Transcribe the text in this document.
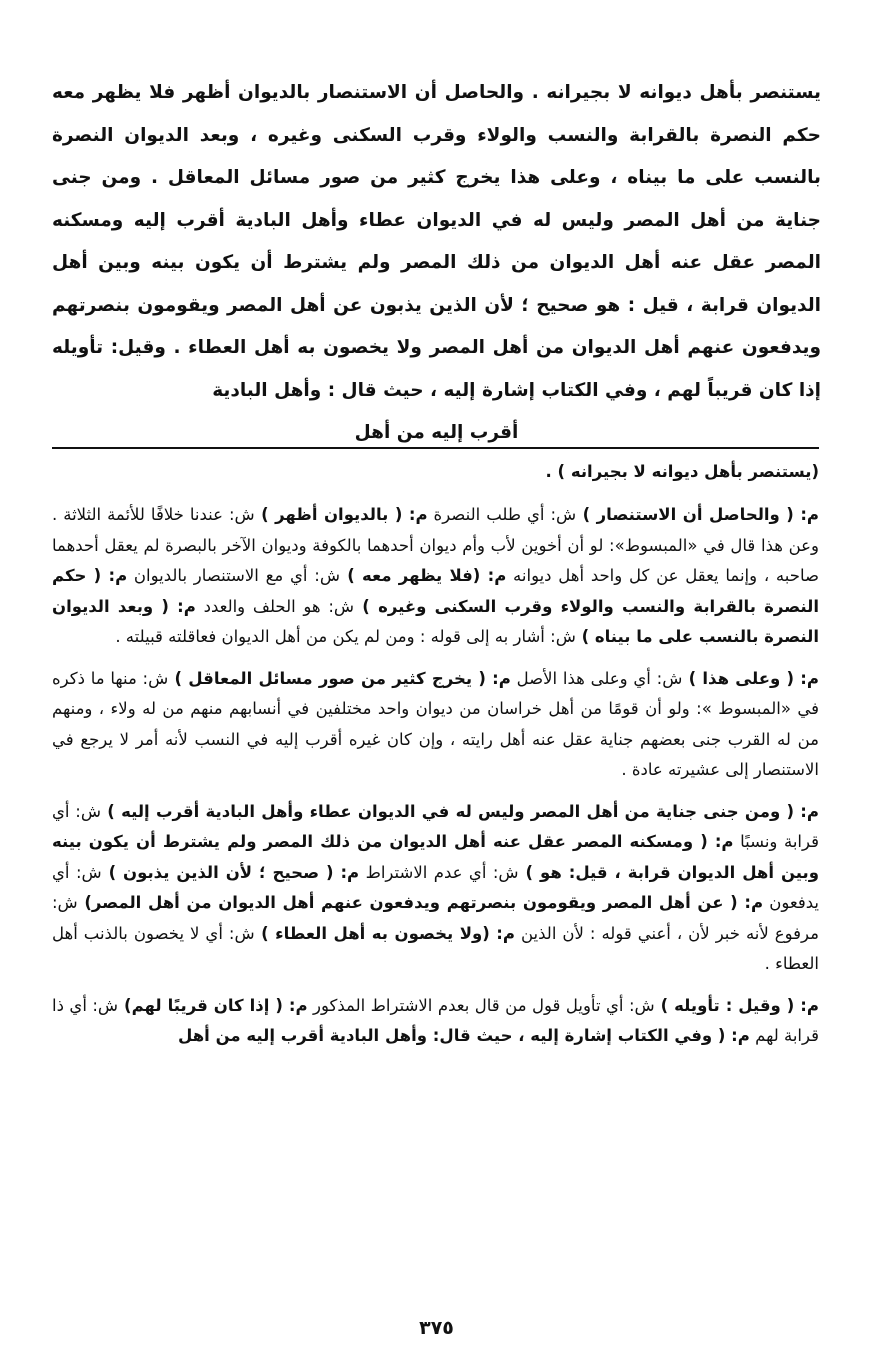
يستنصر بأهل ديوانه لا بجيرانه . والحاصل أن الاستنصار بالديوان أظهر فلا يظهر معه حكم النصرة بالقرابة والنسب والولاء وقرب السكنى وغيره ، وبعد الديوان النصرة بالنسب على ما بيناه ، وعلى هذا يخرج كثير من صور مسائل المعاقل . ومن جنى جناية من أهل المصر وليس له في الديوان عطاء وأهل البادية أقرب إليه ومسكنه المصر عقل عنه أهل الديوان من ذلك المصر ولم يشترط أن يكون بينه وبين أهل الديوان قرابة ، قيل : هو صحيح ؛ لأن الذين يذبون عن أهل المصر ويقومون بنصرتهم ويدفعون عنهم أهل الديوان من أهل المصر ولا يخصون به أهل العطاء . وقيل: تأويله إذا كان قريباً لهم ، وفي الكتاب إشارة إليه ، حيث قال : وأهل البادية

أقرب إليه من أهل

(يستنصر بأهل ديوانه لا بجيرانه ) .

م: ( والحاصل أن الاستنصار ) ش: أي طلب النصرة م: ( بالديوان أظهر ) ش: عندنا خلافًا للأئمة الثلاثة . وعن هذا قال في «المبسوط»: لو أن أخوين لأب وأم ديوان أحدهما بالكوفة وديوان الآخر بالبصرة لم يعقل أحدهما صاحبه ، وإنما يعقل عن كل واحد أهل ديوانه م: (فلا يظهر معه ) ش: أي مع الاستنصار بالديوان م: ( حكم النصرة بالقرابة والنسب والولاء وقرب السكنى وغيره ) ش: هو الحلف والعدد م: ( وبعد الديوان النصرة بالنسب على ما بيناه ) ش: أشار به إلى قوله : ومن لم يكن من أهل الديوان فعاقلته قبيلته .

م: ( وعلى هذا ) ش: أي وعلى هذا الأصل م: ( يخرج كثير من صور مسائل المعاقل ) ش: منها ما ذكره في «المبسوط »: ولو أن قومًا من أهل خراسان من ديوان واحد مختلفين في أنسابهم منهم من له ولاء ، ومنهم من له القرب جنى بعضهم جناية عقل عنه أهل رايته ، وإن كان غيره أقرب إليه في النسب لأنه أمر لا يرجع في الاستنصار إلى عشيرته عادة .

م: ( ومن جنى جناية من أهل المصر وليس له في الديوان عطاء وأهل البادية أقرب إليه ) ش: أي قرابة ونسبًا م: ( ومسكنه المصر عقل عنه أهل الديوان من ذلك المصر ولم يشترط أن يكون بينه وبين أهل الديوان قرابة ، قيل: هو ) ش: أي عدم الاشتراط م: ( صحيح ؛ لأن الذين يذبون ) ش: أي يدفعون م: ( عن أهل المصر ويقومون بنصرتهم ويدفعون عنهم أهل الديوان من أهل المصر) ش: مرفوع لأنه خبر لأن ، أعني قوله : لأن الذين م: (ولا يخصون به أهل العطاء ) ش: أي لا يخصون بالذنب أهل العطاء .

م: ( وقيل : تأويله ) ش: أي تأويل قول من قال بعدم الاشتراط المذكور م: ( إذا كان قريبًا لهم) ش: أي ذا قرابة لهم م: ( وفي الكتاب إشارة إليه ، حيث قال: وأهل البادية أقرب إليه من أهل

٣٧٥
